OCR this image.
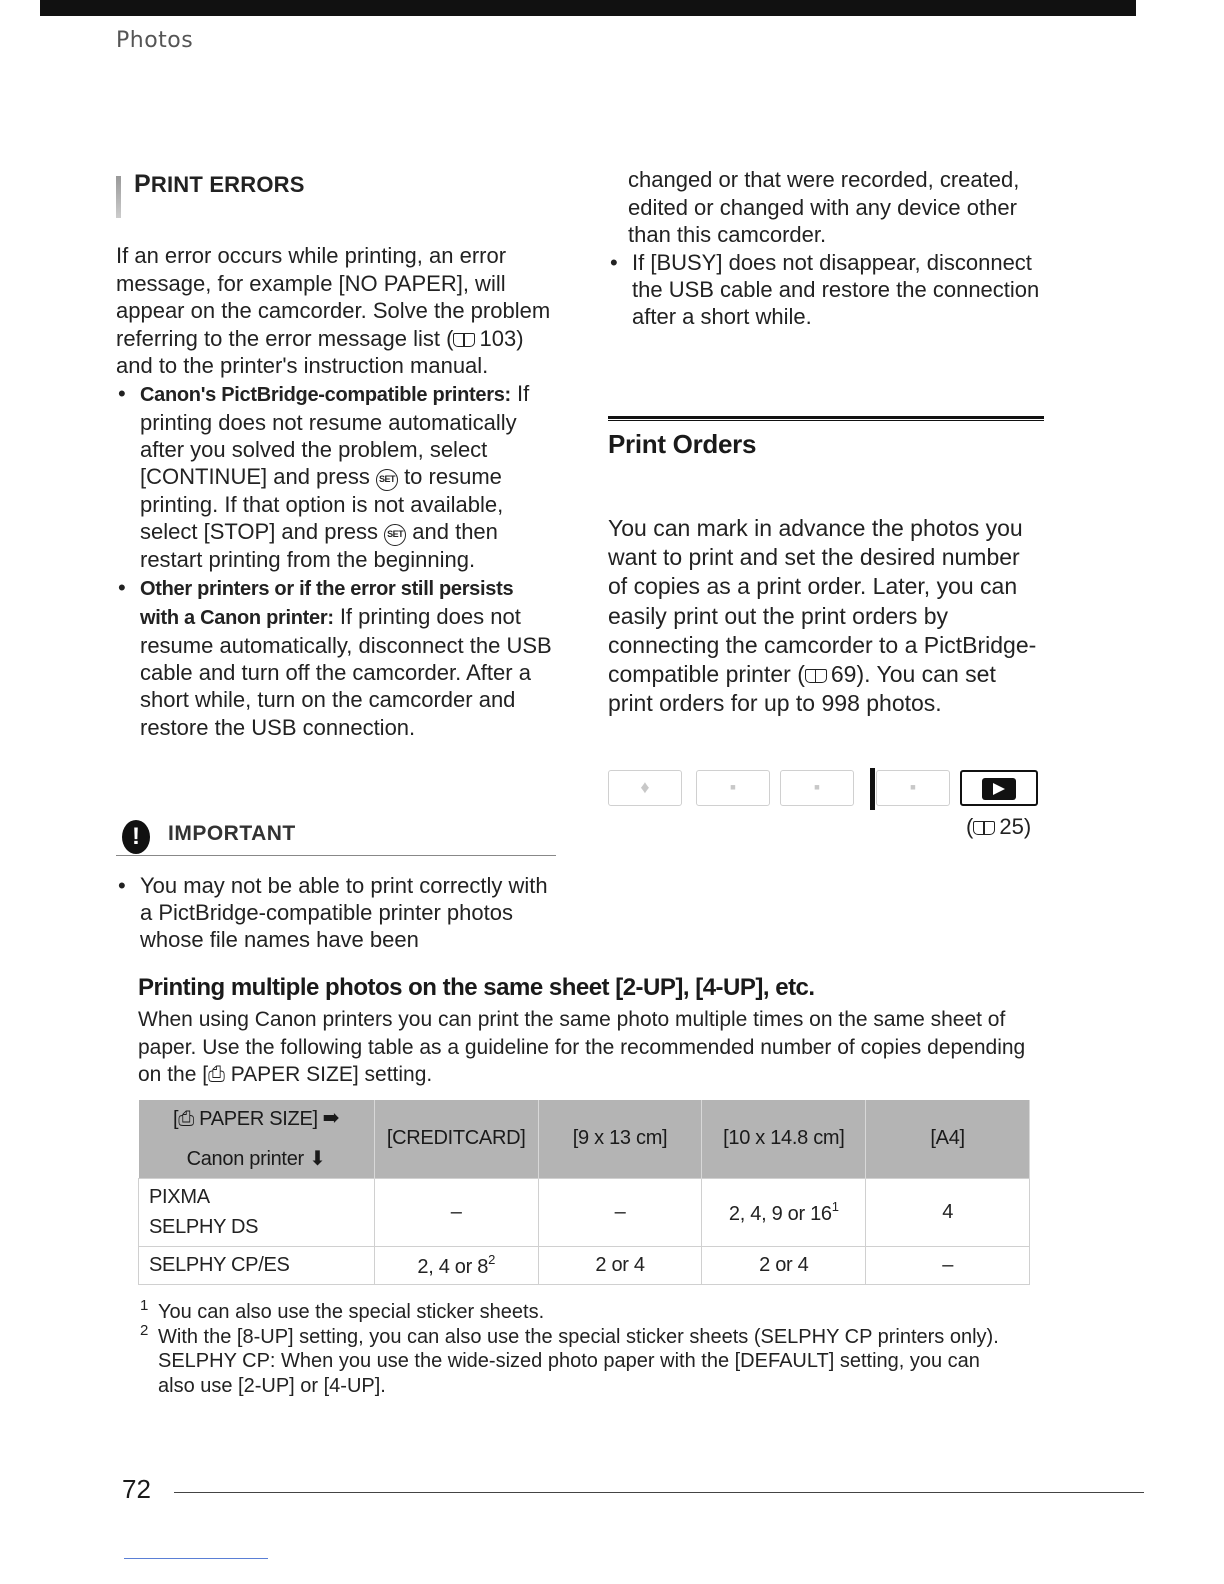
Photos
PRINT ERRORS

If an error occurs while printing, an error message, for example [NO PAPER], will appear on the camcorder. Solve the problem referring to the error message list ( 103) and to the printer's instruction manual.

• Canon's PictBridge-compatible printers: If printing does not resume automatically after you solved the problem, select [CONTINUE] and press SET to resume printing. If that option is not available, select [STOP] and press SET and then restart printing from the beginning.
• Other printers or if the error still persists with a Canon printer: If printing does not resume automatically, disconnect the USB cable and turn off the camcorder. After a short while, turn on the camcorder and restore the USB connection.
!	IMPORTANT
• You may not be able to print correctly with a PictBridge-compatible printer photos whose file names have been

changed or that were recorded, created, edited or changed with any device other than this camcorder.

• If [BUSY] does not disappear, disconnect the USB cable and restore the connection after a short while.
Print Orders

You can mark in advance the photos you want to print and set the desired number of copies as a print order. Later, you can easily print out the print orders by connecting the camcorder to a PictBridge-compatible printer ( 69). You can set print orders for up to 998 photos.

♦	▪	▪	▪
( 25)
Printing multiple photos on the same sheet [2-UP], [4-UP], etc.

When using Canon printers you can print the same photo multiple times on the same sheet of paper. Use the following table as a guideline for the recommended number of copies depending on the [⎙ PAPER SIZE] setting.

[⎙ PAPER SIZE] ➡	[CREDITCARD]	[9 x 13 cm]	[10 x 14.8 cm]	[A4]
Canon printer ⬇				
PIXMA
SELPHY DS	–	–	2, 4, 9 or $16^1$	4
SELPHY CP/ES	2, 4 or $8^2$	2 or 4	2 or 4	–
1 You can also use the special sticker sheets.
2 With the [8-UP] setting, you can also use the special sticker sheets (SELPHY CP printers only).
SELPHY CP: When you use the wide-sized photo paper with the [DEFAULT] setting, you can also use [2-UP] or [4-UP].
72
